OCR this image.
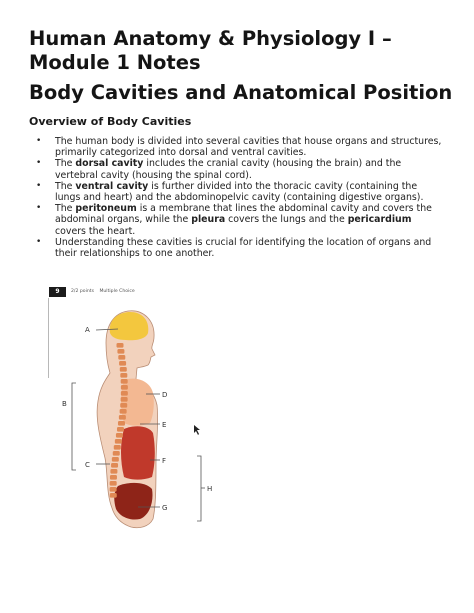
Human Anatomy & Physiology I – Module 1 Notes
Body Cavities and Anatomical Position
Overview of Body Cavities
• The human body is divided into several cavities that house organs and structures, primarily categorized into dorsal and ventral cavities.
• The dorsal cavity includes the cranial cavity (housing the brain) and the vertebral cavity (housing the spinal cord).
• The ventral cavity is further divided into the thoracic cavity (containing the lungs and heart) and the abdominopelvic cavity (containing digestive organs).
• The peritoneum is a membrane that lines the abdominal cavity and covers the abdominal organs, while the pleura covers the lungs and the pericardium covers the heart.
• Understanding these cavities is crucial for identifying the location of organs and their relationships to one another.
9	2/2 points Multiple Choice
A
B
C
D
E
F
G
H
